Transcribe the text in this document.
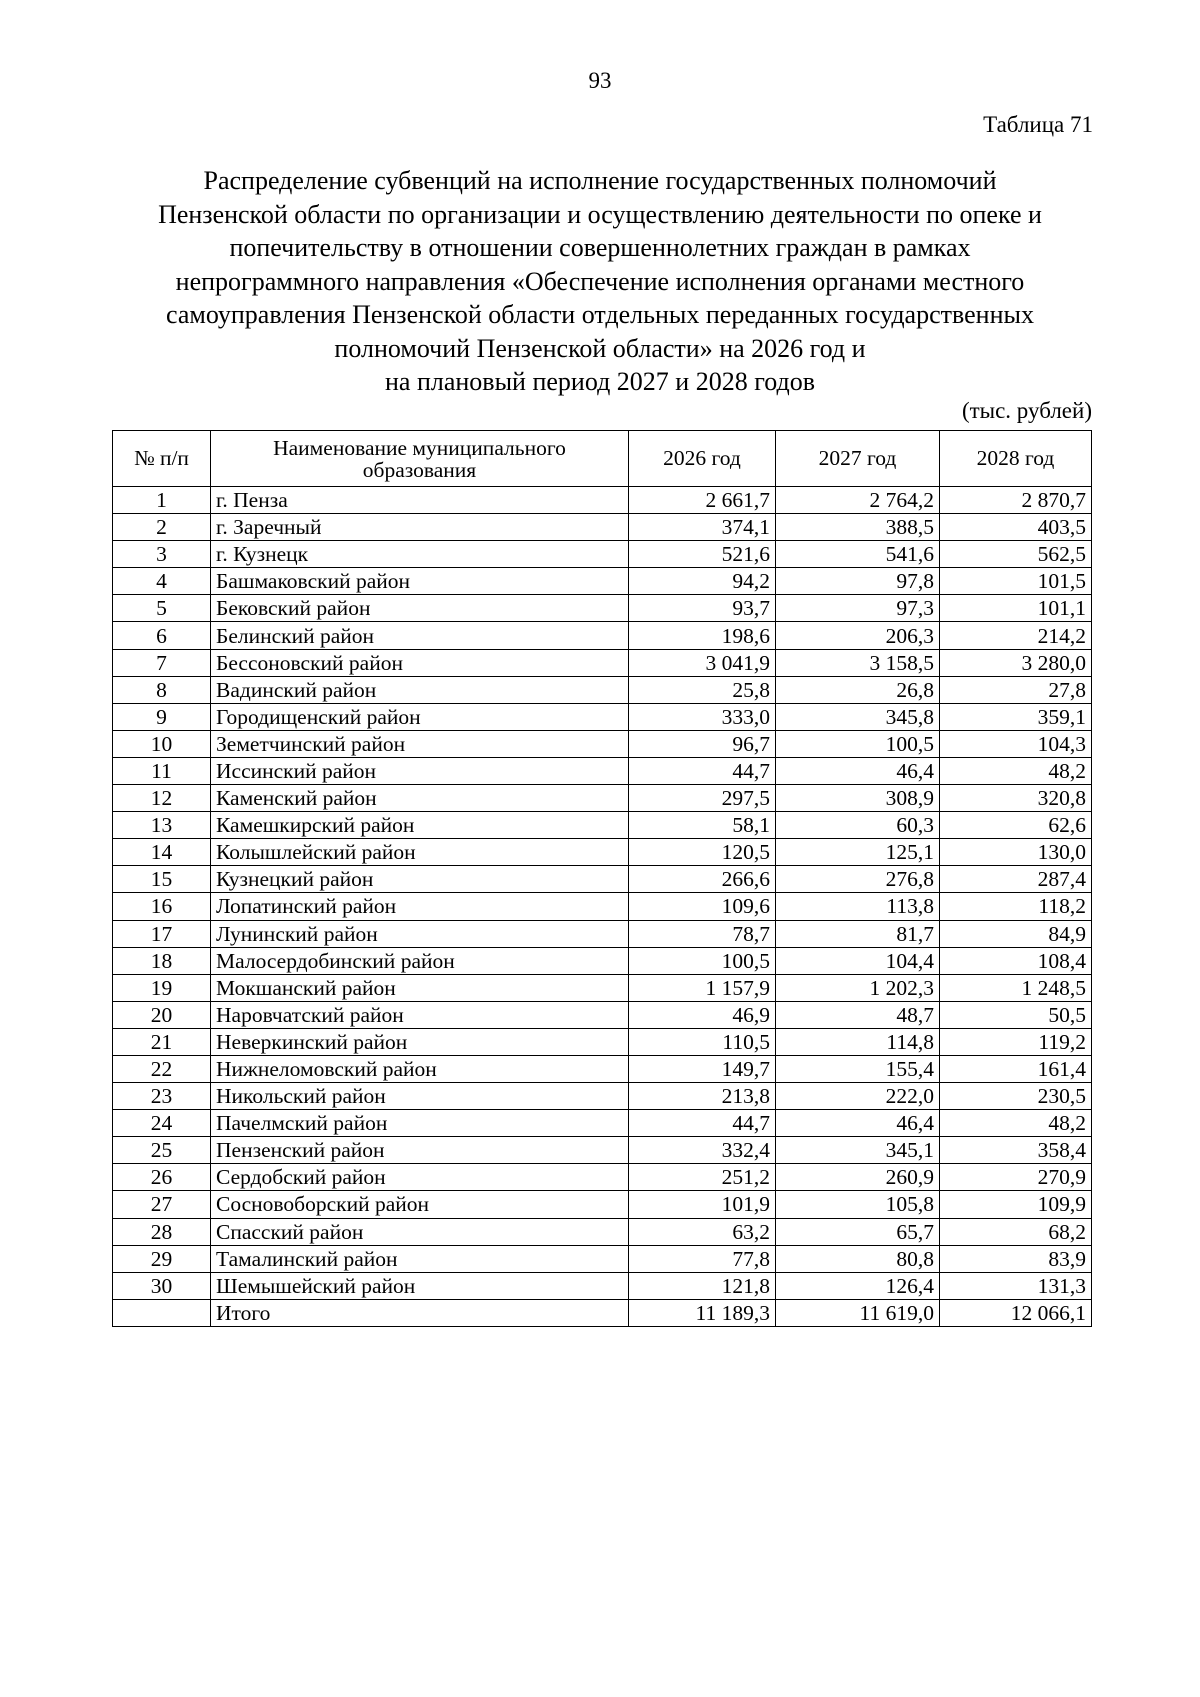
93
Таблица 71
Распределение субвенций на исполнение государственных полномочий
Пензенской области по организации и осуществлению деятельности по опеке и
попечительству в отношении совершеннолетних граждан в рамках
непрограммного направления «Обеспечение исполнения органами местного
самоуправления Пензенской области отдельных переданных государственных
полномочий Пензенской области» на 2026 год и
на плановый период 2027 и 2028 годов
(тыс. рублей)
№ п/п	Наименование муниципального образования	2026 год	2027 год	2028 год
1	г. Пенза	2 661,7	2 764,2	2 870,7
2	г. Заречный	374,1	388,5	403,5
3	г. Кузнецк	521,6	541,6	562,5
4	Башмаковский район	94,2	97,8	101,5
5	Бековский район	93,7	97,3	101,1
6	Белинский район	198,6	206,3	214,2
7	Бессоновский район	3 041,9	3 158,5	3 280,0
8	Вадинский район	25,8	26,8	27,8
9	Городищенский район	333,0	345,8	359,1
10	Земетчинский район	96,7	100,5	104,3
11	Иссинский район	44,7	46,4	48,2
12	Каменский район	297,5	308,9	320,8
13	Камешкирский район	58,1	60,3	62,6
14	Колышлейский район	120,5	125,1	130,0
15	Кузнецкий район	266,6	276,8	287,4
16	Лопатинский район	109,6	113,8	118,2
17	Лунинский район	78,7	81,7	84,9
18	Малосердобинский район	100,5	104,4	108,4
19	Мокшанский район	1 157,9	1 202,3	1 248,5
20	Наровчатский район	46,9	48,7	50,5
21	Неверкинский район	110,5	114,8	119,2
22	Нижнеломовский район	149,7	155,4	161,4
23	Никольский район	213,8	222,0	230,5
24	Пачелмский район	44,7	46,4	48,2
25	Пензенский район	332,4	345,1	358,4
26	Сердобский район	251,2	260,9	270,9
27	Сосновоборский район	101,9	105,8	109,9
28	Спасский район	63,2	65,7	68,2
29	Тамалинский район	77,8	80,8	83,9
30	Шемышейский район	121,8	126,4	131,3
	Итого	11 189,3	11 619,0	12 066,1
